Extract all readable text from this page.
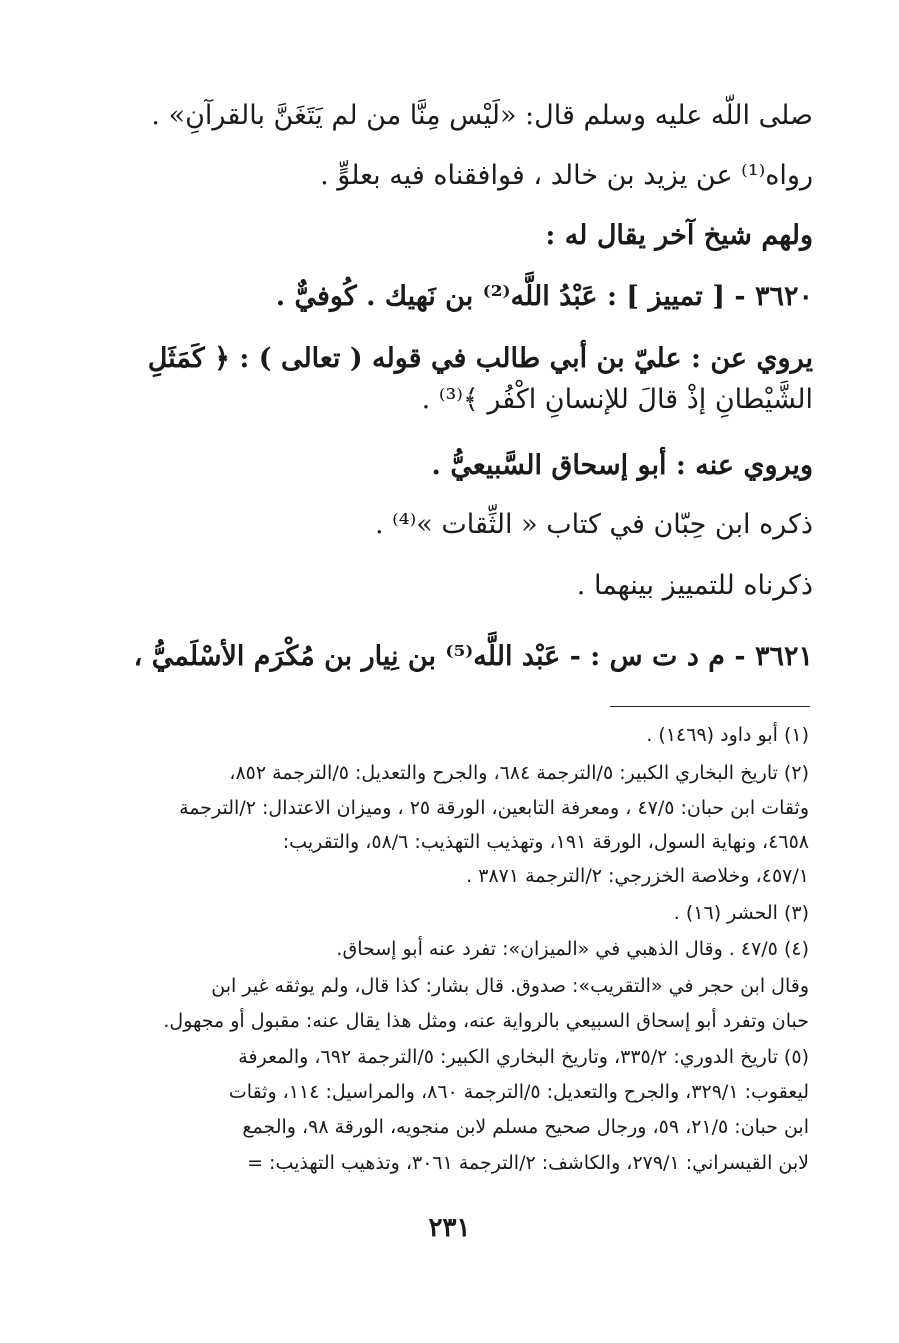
صلى اللّه عليه وسلم قال: «لَيْس مِنَّا من لم يَتَغَنَّ بالقرآنِ» .
رواه⁽¹⁾ عن يزيد بن خالد ، فوافقناه فيه بعلوٍّ .
ولهم شيخ آخر يقال له :
٣٦٢٠ - [ تمييز ] : عَبْدُ اللَّه⁽²⁾ بن نَهيك . كُوفيٌّ .
يروي عن : عليّ بن أبي طالب في قوله ( تعالى ) : ﴿ كَمَثَلِ
الشَّيْطانِ إذْ قالَ للإنسانِ اكْفُر ﴾⁽³⁾ .
ويروي عنه : أبو إسحاق السَّبيعيُّ .
ذكره ابن حِبّان في كتاب « الثِّقات »⁽⁴⁾ .
ذكرناه للتمييز بينهما .
٣٦٢١ - م د ت س : - عَبْد اللَّه⁽⁵⁾ بن نِيار بن مُكْرَم الأسْلَميُّ ،
(١) أبو داود (١٤٦٩) .
(٢) تاريخ البخاري الكبير: ٥/الترجمة ٦٨٤، والجرح والتعديل: ٥/الترجمة ٨٥٢،
وثقات ابن حبان: ٤٧/٥ ، ومعرفة التابعين، الورقة ٢٥ ، وميزان الاعتدال: ٢/الترجمة
٤٦٥٨، ونهاية السول، الورقة ١٩١، وتهذيب التهذيب: ٥٨/٦، والتقريب:
٤٥٧/١، وخلاصة الخزرجي: ٢/الترجمة ٣٨٧١ .
(٣) الحشر (١٦) .
(٤) ٤٧/٥ . وقال الذهبي في «الميزان»: تفرد عنه أبو إسحاق.
وقال ابن حجر في «التقريب»: صدوق. قال بشار: كذا قال، ولم يوثقه غير ابن
حبان وتفرد أبو إسحاق السبيعي بالرواية عنه، ومثل هذا يقال عنه: مقبول أو مجهول.
(٥) تاريخ الدوري: ٣٣٥/٢، وتاريخ البخاري الكبير: ٥/الترجمة ٦٩٢، والمعرفة
ليعقوب: ٣٢٩/١، والجرح والتعديل: ٥/الترجمة ٨٦٠، والمراسيل: ١١٤، وثقات
ابن حبان: ٢١/٥، ٥٩، ورجال صحيح مسلم لابن منجويه، الورقة ٩٨، والجمع
لابن القيسراني: ٢٧٩/١، والكاشف: ٢/الترجمة ٣٠٦١، وتذهيب التهذيب: =
٢٣١
